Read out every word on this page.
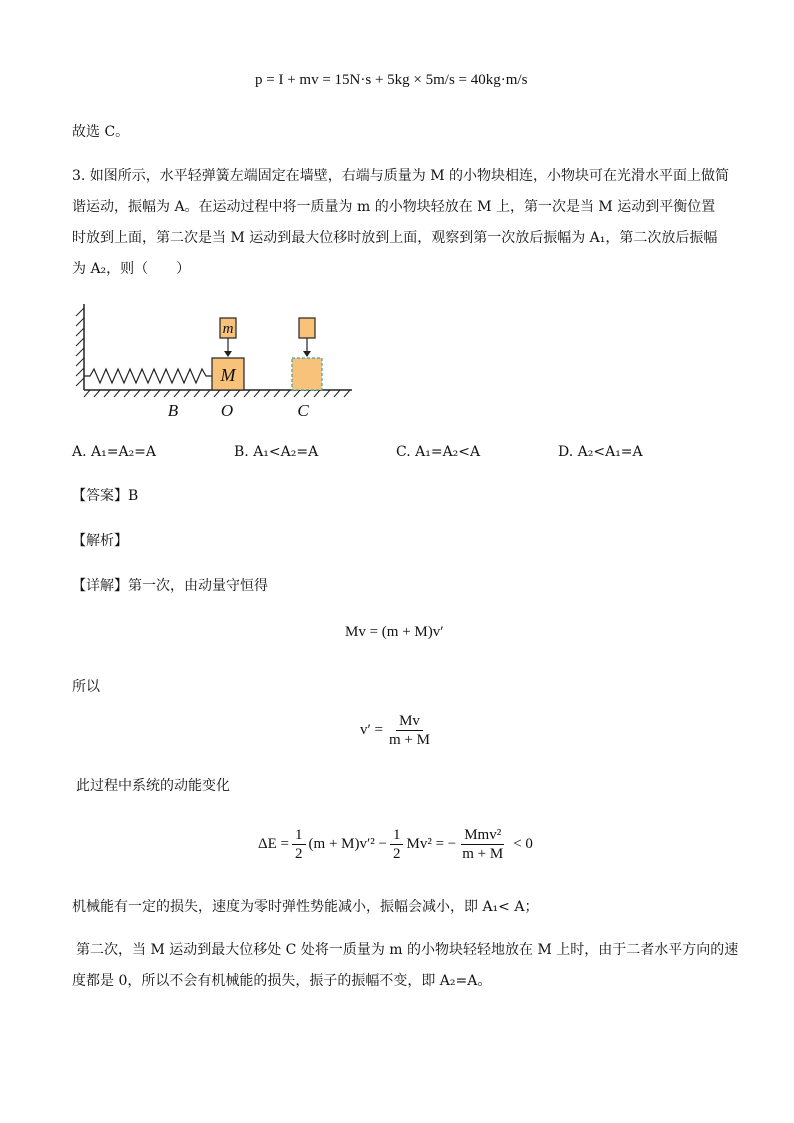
p = I + mv = 15N·s + 5kg × 5m/s = 40kg·m/s
故选 C。
3. 如图所示，水平轻弹簧左端固定在墙壁，右端与质量为 M 的小物块相连，小物块可在光滑水平面上做简
谐运动，振幅为 A。在运动过程中将一质量为 m 的小物块轻放在 M 上，第一次是当 M 运动到平衡位置
时放到上面，第二次是当 M 运动到最大位移时放到上面，观察到第一次放后振幅为 A₁，第二次放后振幅
为 A₂，则（　　）
M
m
B	O	C
A. A₁=A₂=A	B. A₁<A₂=A	C. A₁=A₂<A	D. A₂<A₁=A
【答案】B
【解析】
【详解】第一次，由动量守恒得
Mv = (m + M)v′
所以
$v' = \frac{Mv}{m + M}$
此过程中系统的动能变化
$\Delta E = \frac{1}{2} (m + M)v'^2 - \frac{1}{2} Mv^2$ = − $\frac{\text{Mmv²}}{m + M} < 0$
机械能有一定的损失，速度为零时弹性势能减小，振幅会减小，即 A₁< A；
第二次，当 M 运动到最大位移处 C 处将一质量为 m 的小物块轻轻地放在 M 上时，由于二者水平方向的速
度都是 0，所以不会有机械能的损失，振子的振幅不变，即 A₂=A。
